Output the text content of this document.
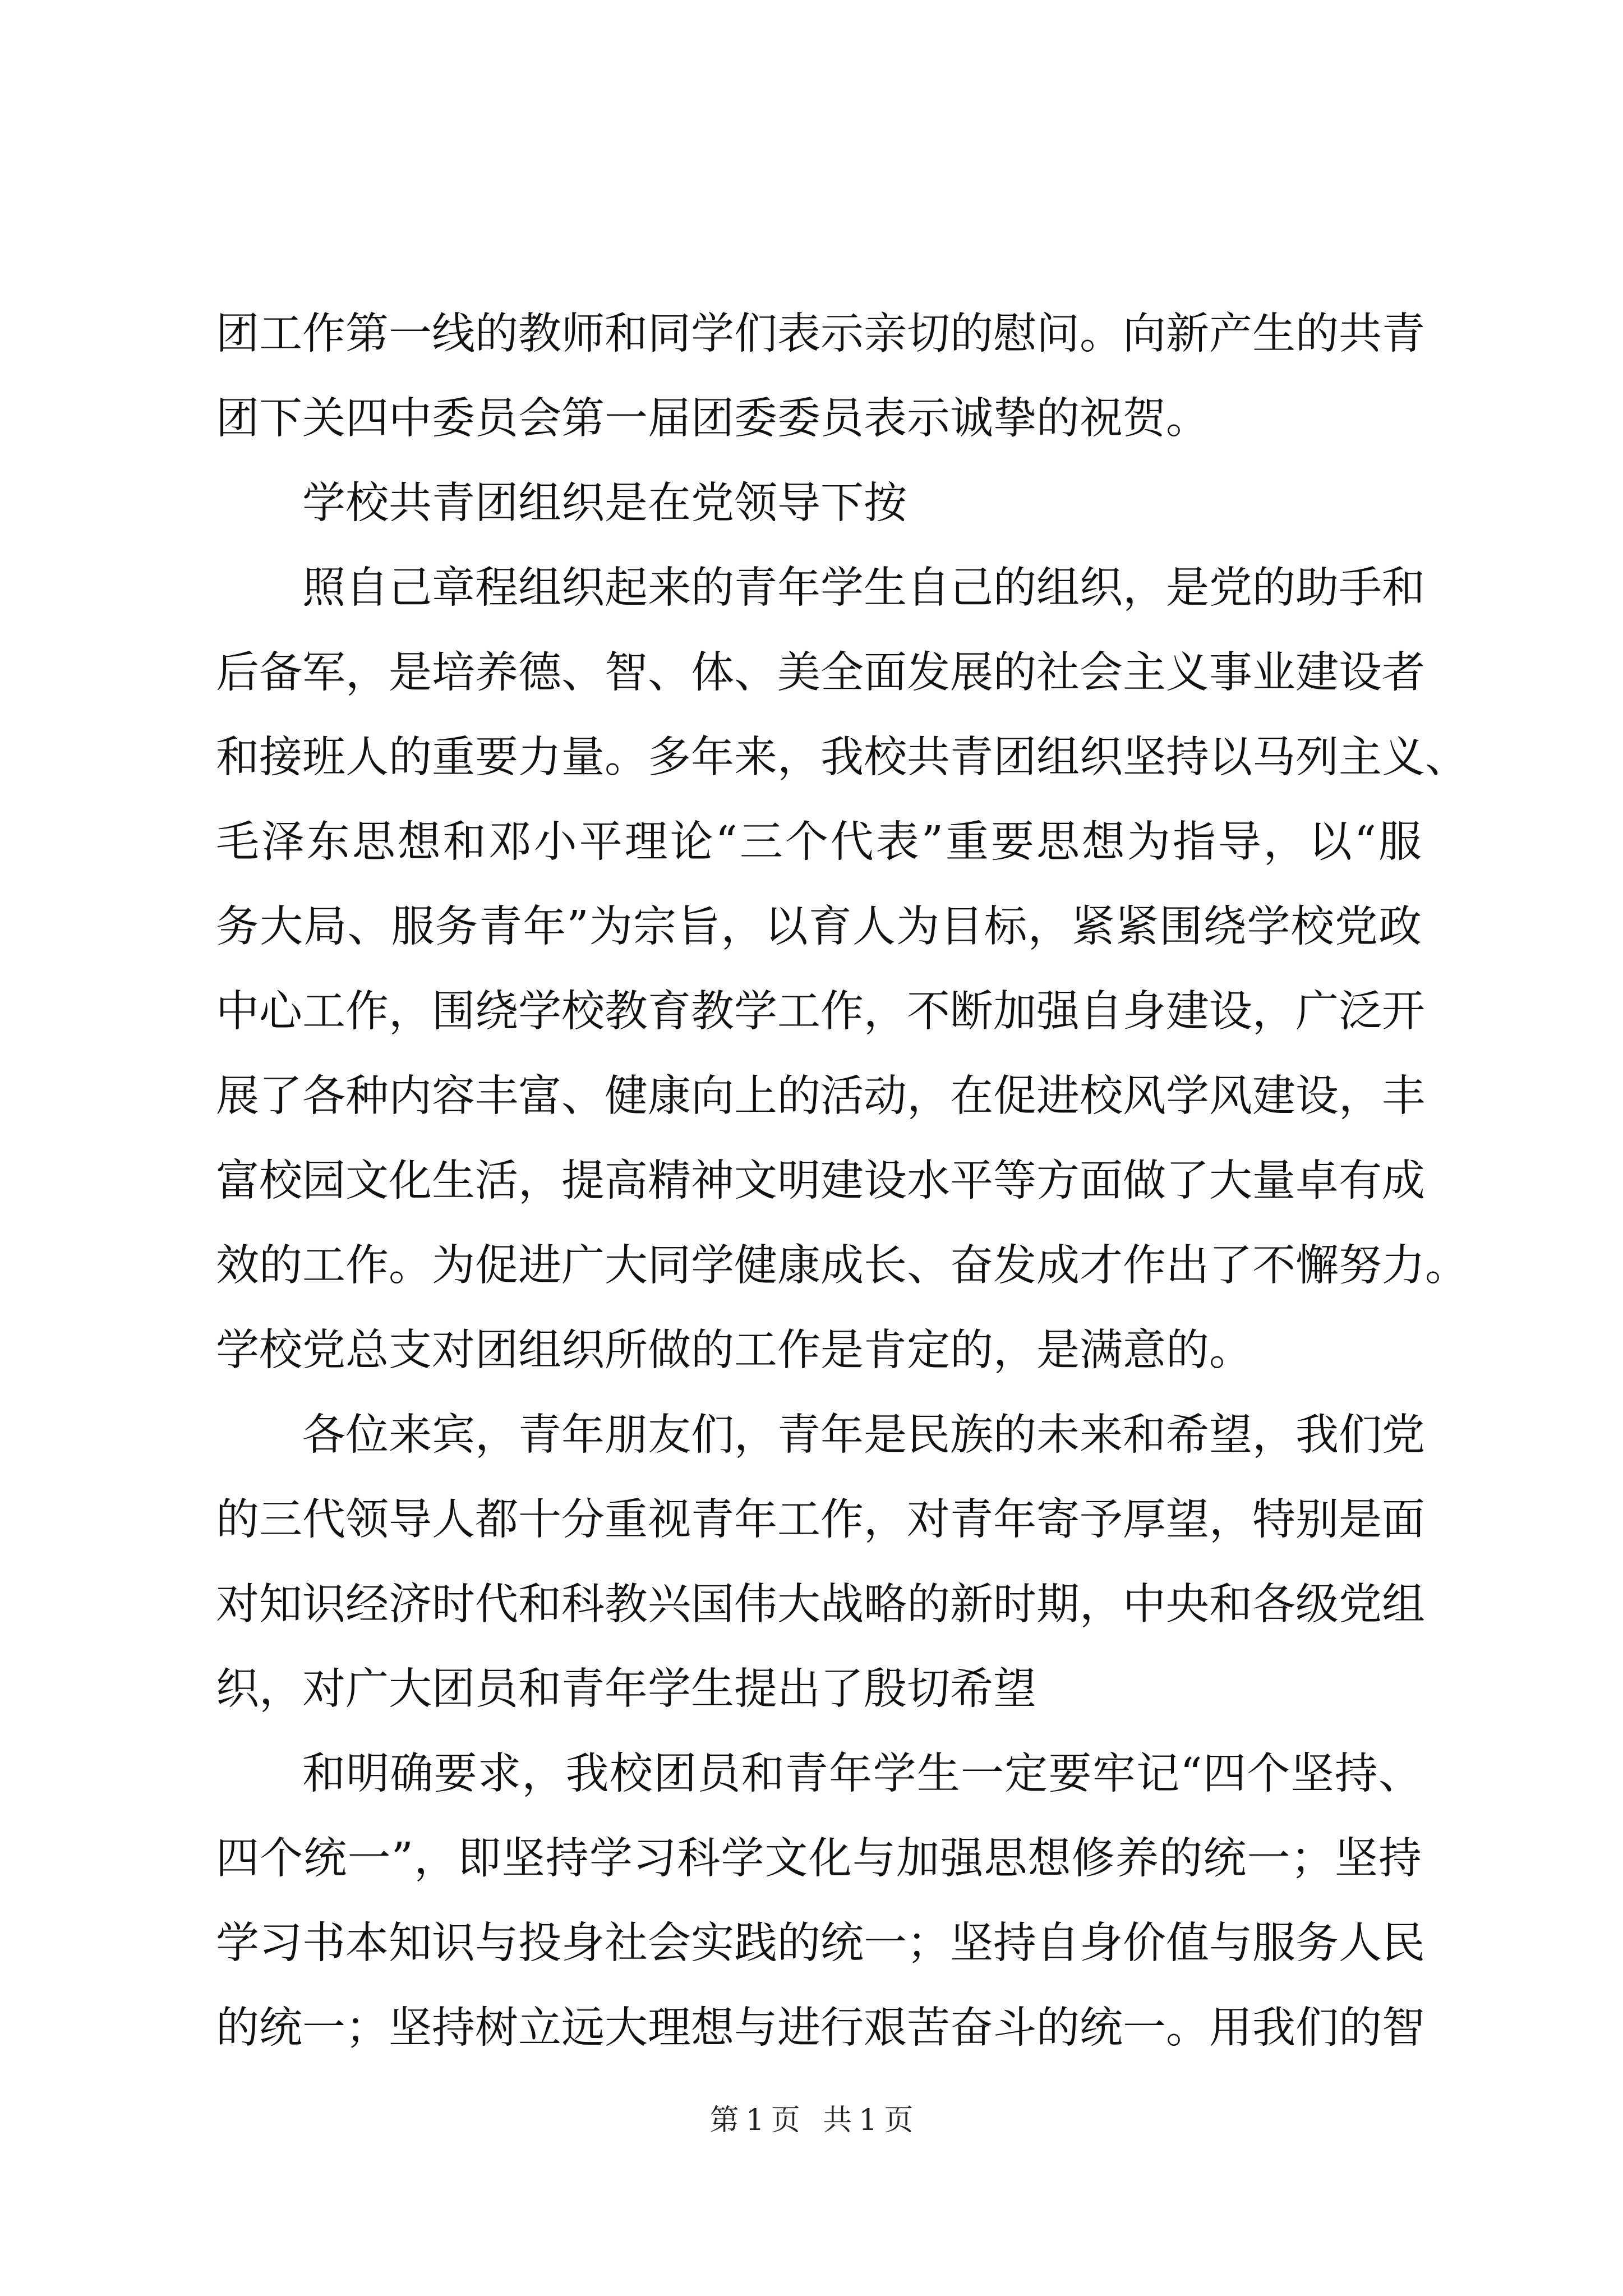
团工作第一线的教师和同学们表示亲切的慰问。向新产生的共青
团下关四中委员会第一届团委委员表示诚挚的祝贺。
学校共青团组织是在党领导下按
照自己章程组织起来的青年学生自己的组织，是党的助手和
后备军，是培养德、智、体、美全面发展的社会主义事业建设者
和接班人的重要力量。多年来，我校共青团组织坚持以马列主义、
毛泽东思想和邓小平理论“三个代表”重要思想为指导，以“服
务大局、服务青年”为宗旨，以育人为目标，紧紧围绕学校党政
中心工作，围绕学校教育教学工作，不断加强自身建设，广泛开
展了各种内容丰富、健康向上的活动，在促进校风学风建设，丰
富校园文化生活，提高精神文明建设水平等方面做了大量卓有成
效的工作。为促进广大同学健康成长、奋发成才作出了不懈努力。
学校党总支对团组织所做的工作是肯定的，是满意的。
各位来宾，青年朋友们，青年是民族的未来和希望，我们党
的三代领导人都十分重视青年工作，对青年寄予厚望，特别是面
对知识经济时代和科教兴国伟大战略的新时期，中央和各级党组
织，对广大团员和青年学生提出了殷切希望
和明确要求，我校团员和青年学生一定要牢记“四个坚持、
四个统一”，即坚持学习科学文化与加强思想修养的统一；坚持
学习书本知识与投身社会实践的统一；坚持自身价值与服务人民
的统一；坚持树立远大理想与进行艰苦奋斗的统一。用我们的智
第 1 页 共 1 页
